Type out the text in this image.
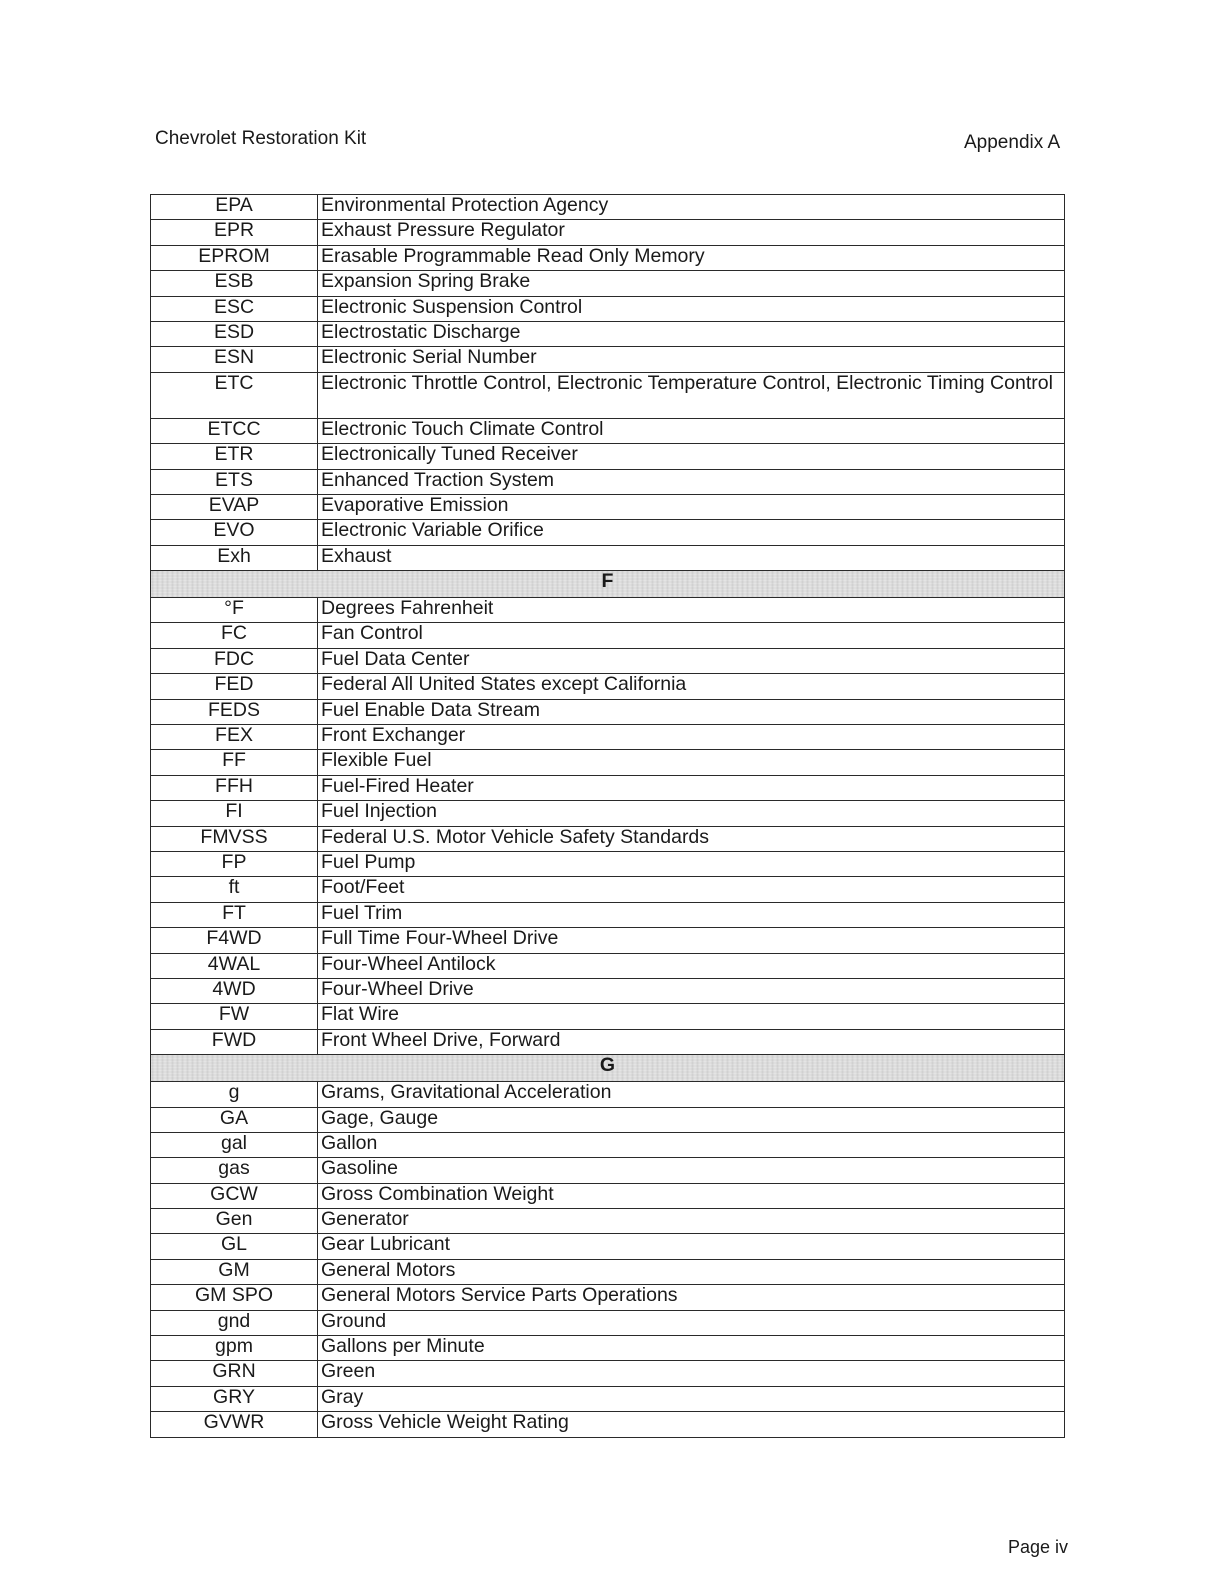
Chevrolet Restoration Kit	Appendix A
EPA	Environmental Protection Agency
EPR	Exhaust Pressure Regulator
EPROM	Erasable Programmable Read Only Memory
ESB	Expansion Spring Brake
ESC	Electronic Suspension Control
ESD	Electrostatic Discharge
ESN	Electronic Serial Number
ETC	Electronic Throttle Control, Electronic Temperature Control, Electronic Timing Control
ETCC	Electronic Touch Climate Control
ETR	Electronically Tuned Receiver
ETS	Enhanced Traction System
EVAP	Evaporative Emission
EVO	Electronic Variable Orifice
Exh	Exhaust
F	
°F	Degrees Fahrenheit
FC	Fan Control
FDC	Fuel Data Center
FED	Federal All United States except California
FEDS	Fuel Enable Data Stream
FEX	Front Exchanger
FF	Flexible Fuel
FFH	Fuel-Fired Heater
FI	Fuel Injection
FMVSS	Federal U.S. Motor Vehicle Safety Standards
FP	Fuel Pump
ft	Foot/Feet
FT	Fuel Trim
F4WD	Full Time Four-Wheel Drive
4WAL	Four-Wheel Antilock
4WD	Four-Wheel Drive
FW	Flat Wire
FWD	Front Wheel Drive, Forward
G	
g	Grams, Gravitational Acceleration
GA	Gage, Gauge
gal	Gallon
gas	Gasoline
GCW	Gross Combination Weight
Gen	Generator
GL	Gear Lubricant
GM	General Motors
GM SPO	General Motors Service Parts Operations
gnd	Ground
gpm	Gallons per Minute
GRN	Green
GRY	Gray
GVWR	Gross Vehicle Weight Rating
Page iv
